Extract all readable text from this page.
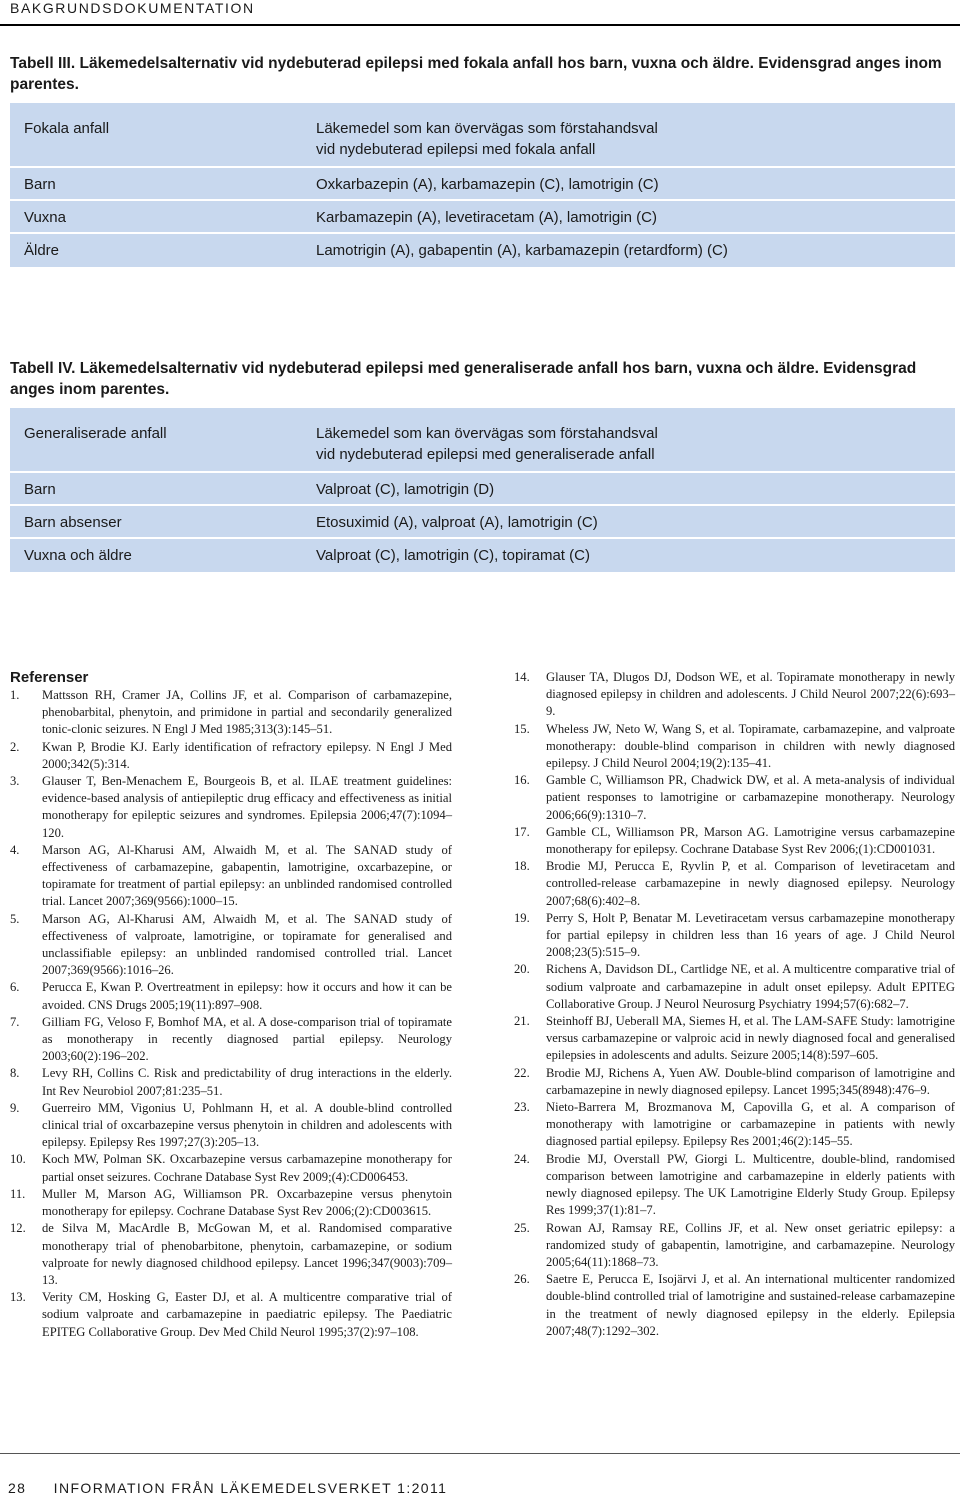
BAKGRUNDSDOKUMENTATION
Tabell III. Läkemedelsalternativ vid nydebuterad epilepsi med fokala anfall hos barn, vuxna och äldre. Evidensgrad anges inom parentes.
Fokala anfall	Läkemedel som kan övervägas som förstahandsval
vid nydebuterad epilepsi med fokala anfall
Barn	Oxkarbazepin (A), karbamazepin (C), lamotrigin (C)
Vuxna	Karbamazepin (A), levetiracetam (A), lamotrigin (C)
Äldre	Lamotrigin (A), gabapentin (A), karbamazepin (retardform) (C)
Tabell IV. Läkemedelsalternativ vid nydebuterad epilepsi med generaliserade anfall hos barn, vuxna och äldre. Evidensgrad anges inom parentes.
Generaliserade anfall	Läkemedel som kan övervägas som förstahandsval
vid nydebuterad epilepsi med generaliserade anfall
Barn	Valproat (C), lamotrigin (D)
Barn absenser	Etosuximid (A), valproat (A), lamotrigin (C)
Vuxna och äldre	Valproat (C), lamotrigin (C), topiramat (C)
Referenser
1. Mattsson RH, Cramer JA, Collins JF, et al. Comparison of carbamazepine, phenobarbital, phenytoin, and primidone in partial and secondarily generalized tonic-clonic seizures. N Engl J Med 1985;313(3):145–51.
2. Kwan P, Brodie KJ. Early identification of refractory epilepsy. N Engl J Med 2000;342(5):314.
3. Glauser T, Ben-Menachem E, Bourgeois B, et al. ILAE treatment guidelines: evidence-based analysis of antiepileptic drug efficacy and effectiveness as initial monotherapy for epileptic seizures and syndromes. Epilepsia 2006;47(7):1094–120.
4. Marson AG, Al-Kharusi AM, Alwaidh M, et al. The SANAD study of effectiveness of carbamazepine, gabapentin, lamotrigine, oxcarbazepine, or topiramate for treatment of partial epilepsy: an unblinded randomised controlled trial. Lancet 2007;369(9566):1000–15.
5. Marson AG, Al-Kharusi AM, Alwaidh M, et al. The SANAD study of effectiveness of valproate, lamotrigine, or topiramate for generalised and unclassifiable epilepsy: an unblinded randomised controlled trial. Lancet 2007;369(9566):1016–26.
6. Perucca E, Kwan P. Overtreatment in epilepsy: how it occurs and how it can be avoided. CNS Drugs 2005;19(11):897–908.
7. Gilliam FG, Veloso F, Bomhof MA, et al. A dose-comparison trial of topiramate as monotherapy in recently diagnosed partial epilepsy. Neurology 2003;60(2):196–202.
8. Levy RH, Collins C. Risk and predictability of drug interactions in the elderly. Int Rev Neurobiol 2007;81:235–51.
9. Guerreiro MM, Vigonius U, Pohlmann H, et al. A double-blind controlled clinical trial of oxcarbazepine versus phenytoin in children and adolescents with epilepsy. Epilepsy Res 1997;27(3):205–13.
10. Koch MW, Polman SK. Oxcarbazepine versus carbamazepine monotherapy for partial onset seizures. Cochrane Database Syst Rev 2009;(4):CD006453.
11. Muller M, Marson AG, Williamson PR. Oxcarbazepine versus phenytoin monotherapy for epilepsy. Cochrane Database Syst Rev 2006;(2):CD003615.
12. de Silva M, MacArdle B, McGowan M, et al. Randomised comparative monotherapy trial of phenobarbitone, phenytoin, carbamazepine, or sodium valproate for newly diagnosed childhood epilepsy. Lancet 1996;347(9003):709–13.
13. Verity CM, Hosking G, Easter DJ, et al. A multicentre comparative trial of sodium valproate and carbamazepine in paediatric epilepsy. The Paediatric EPITEG Collaborative Group. Dev Med Child Neurol 1995;37(2):97–108.
14. Glauser TA, Dlugos DJ, Dodson WE, et al. Topiramate monotherapy in newly diagnosed epilepsy in children and adolescents. J Child Neurol 2007;22(6):693–9.
15. Wheless JW, Neto W, Wang S, et al. Topiramate, carbamazepine, and valproate monotherapy: double-blind comparison in children with newly diagnosed epilepsy. J Child Neurol 2004;19(2):135–41.
16. Gamble C, Williamson PR, Chadwick DW, et al. A meta-analysis of individual patient responses to lamotrigine or carbamazepine monotherapy. Neurology 2006;66(9):1310–7.
17. Gamble CL, Williamson PR, Marson AG. Lamotrigine versus carbamazepine monotherapy for epilepsy. Cochrane Database Syst Rev 2006;(1):CD001031.
18. Brodie MJ, Perucca E, Ryvlin P, et al. Comparison of levetiracetam and controlled-release carbamazepine in newly diagnosed epilepsy. Neurology 2007;68(6):402–8.
19. Perry S, Holt P, Benatar M. Levetiracetam versus carbamazepine monotherapy for partial epilepsy in children less than 16 years of age. J Child Neurol 2008;23(5):515–9.
20. Richens A, Davidson DL, Cartlidge NE, et al. A multicentre comparative trial of sodium valproate and carbamazepine in adult onset epilepsy. Adult EPITEG Collaborative Group. J Neurol Neurosurg Psychiatry 1994;57(6):682–7.
21. Steinhoff BJ, Ueberall MA, Siemes H, et al. The LAM-SAFE Study: lamotrigine versus carbamazepine or valproic acid in newly diagnosed focal and generalised epilepsies in adolescents and adults. Seizure 2005;14(8):597–605.
22. Brodie MJ, Richens A, Yuen AW. Double-blind comparison of lamotrigine and carbamazepine in newly diagnosed epilepsy. Lancet 1995;345(8948):476–9.
23. Nieto-Barrera M, Brozmanova M, Capovilla G, et al. A comparison of monotherapy with lamotrigine or carbamazepine in patients with newly diagnosed partial epilepsy. Epilepsy Res 2001;46(2):145–55.
24. Brodie MJ, Overstall PW, Giorgi L. Multicentre, double-blind, randomised comparison between lamotrigine and carbamazepine in elderly patients with newly diagnosed epilepsy. The UK Lamotrigine Elderly Study Group. Epilepsy Res 1999;37(1):81–7.
25. Rowan AJ, Ramsay RE, Collins JF, et al. New onset geriatric epilepsy: a randomized study of gabapentin, lamotrigine, and carbamazepine. Neurology 2005;64(11):1868–73.
26. Saetre E, Perucca E, Isojärvi J, et al. An international multicenter randomized double-blind controlled trial of lamotrigine and sustained-release carbamazepine in the treatment of newly diagnosed epilepsy in the elderly. Epilepsia 2007;48(7):1292–302.
28 INFORMATION FRÅN LÄKEMEDELSVERKET 1:2011
